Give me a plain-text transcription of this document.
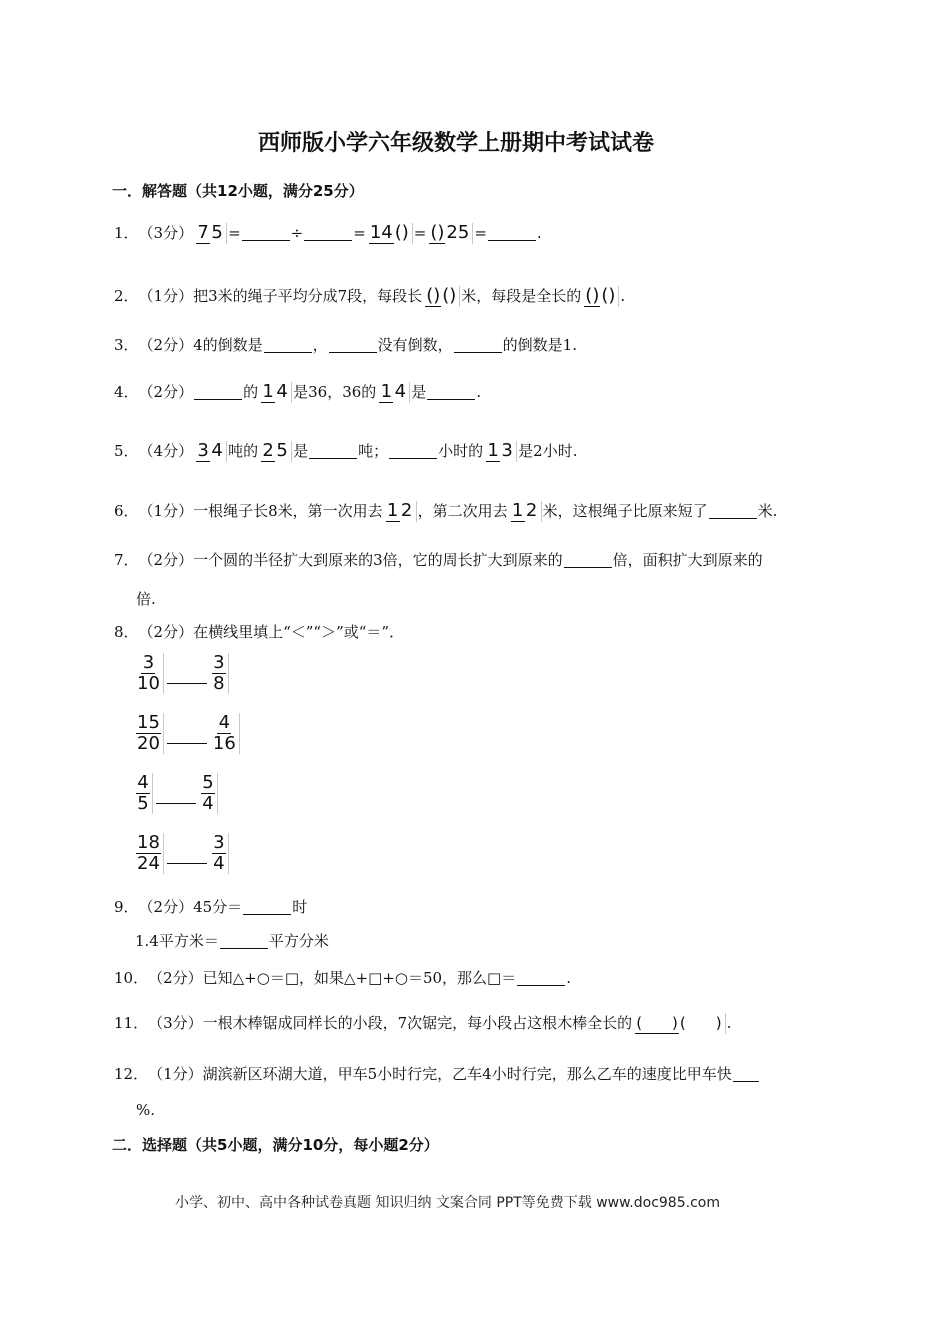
西师版小学六年级数学上册期中考试试卷
一．解答题（共12小题，满分25分）
1． （3分） 7 5 =	÷	= 14 () = () 25 =	.
2． （1分） 把3米的绳子平均分成7段，每段长 () () 米，每段是全长的 () () .
3． （2分） 4的倒数是	，	没有倒数，	的倒数是1.
4． （2分）	的 1 4 是36，36的 1 4 是	.
5． （4分） 3 4 吨的 2 5 是	吨；	小时的 1 3 是2小时.
6． （1分） 一根绳子长8米，第一次用去 1 2 ，第二次用去 1 2 米，这根绳子比原来短了	米.
7． （2分） 一个圆的半径扩大到原来的3倍，它的周长扩大到原来的	倍，面积扩大到原来的
倍.
8． （2分） 在横线里填上“＜”“＞”或“＝”．
$\frac{3}{10}$	$\frac{3}{8}$
$\frac{15}{20}$	$\frac{4}{16}$
$\frac{4}{5}$	$\frac{5}{4}$
$\frac{18}{24}$	$\frac{3}{4}$
9． （2分） 45分＝	时
1.4平方米＝	平方分米
10． （2分） 已知△+○＝□，如果△+□+○＝50，那么□＝	.
11． （3分） 一根木棒锯成同样长的小段，7次锯完，每小段占这根木棒全长的 (　　) (　　) .
12． （1分） 湖滨新区环湖大道，甲车5小时行完，乙车4小时行完，那么乙车的速度比甲车快
%.
二．选择题（共5小题，满分10分，每小题2分）
小学、初中、高中各种试卷真题 知识归纳 文案合同 PPT等免费下载 www.doc985.com
